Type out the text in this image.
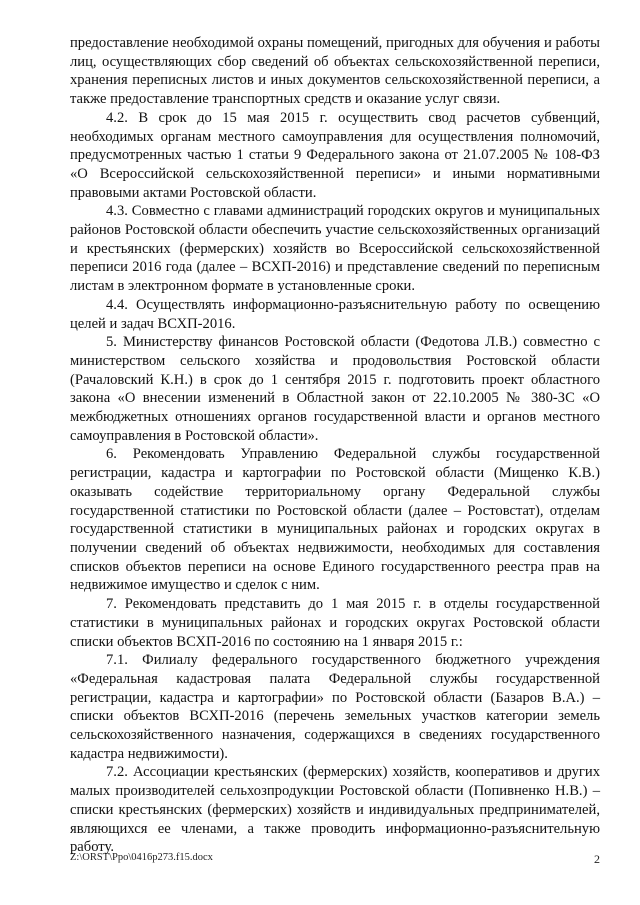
предоставление необходимой охраны помещений, пригодных для обучения и работы лиц, осуществляющих сбор сведений об объектах сельскохозяйственной переписи, хранения переписных листов и иных документов сельскохозяйственной переписи, а также предоставление транспортных средств и оказание услуг связи.

4.2. В срок до 15 мая 2015 г. осуществить свод расчетов субвенций, необходимых органам местного самоуправления для осуществления полномочий, предусмотренных частью 1 статьи 9 Федерального закона от 21.07.2005 № 108-ФЗ «О Всероссийской сельскохозяйственной переписи» и иными нормативными правовыми актами Ростовской области.

4.3. Совместно с главами администраций городских округов и муниципальных районов Ростовской области обеспечить участие сельскохозяйственных организаций и крестьянских (фермерских) хозяйств во Всероссийской сельскохозяйственной переписи 2016 года (далее – ВСХП-2016) и представление сведений по переписным листам в электронном формате в установленные сроки.

4.4. Осуществлять информационно-разъяснительную работу по освещению целей и задач ВСХП-2016.

5. Министерству финансов Ростовской области (Федотова Л.В.) совместно с министерством сельского хозяйства и продовольствия Ростовской области (Рачаловский К.Н.) в срок до 1 сентября 2015 г. подготовить проект областного закона «О внесении изменений в Областной закон от 22.10.2005 № 380-ЗС «О межбюджетных отношениях органов государственной власти и органов местного самоуправления в Ростовской области».

6. Рекомендовать Управлению Федеральной службы государственной регистрации, кадастра и картографии по Ростовской области (Мищенко К.В.) оказывать содействие территориальному органу Федеральной службы государственной статистики по Ростовской области (далее – Ростовстат), отделам государственной статистики в муниципальных районах и городских округах в получении сведений об объектах недвижимости, необходимых для составления списков объектов переписи на основе Единого государственного реестра прав на недвижимое имущество и сделок с ним.

7. Рекомендовать представить до 1 мая 2015 г. в отделы государственной статистики в муниципальных районах и городских округах Ростовской области списки объектов ВСХП-2016 по состоянию на 1 января 2015 г.:

7.1. Филиалу федерального государственного бюджетного учреждения «Федеральная кадастровая палата Федеральной службы государственной регистрации, кадастра и картографии» по Ростовской области (Базаров В.А.) – списки объектов ВСХП-2016 (перечень земельных участков категории земель сельскохозяйственного назначения, содержащихся в сведениях государственного кадастра недвижимости).

7.2. Ассоциации крестьянских (фермерских) хозяйств, кооперативов и других малых производителей сельхозпродукции Ростовской области (Попивненко Н.В.) – списки крестьянских (фермерских) хозяйств и индивидуальных предпринимателей, являющихся ее членами, а также проводить информационно-разъяснительную работу.

Z:\ORST\Ppo\0416p273.f15.docx	2
